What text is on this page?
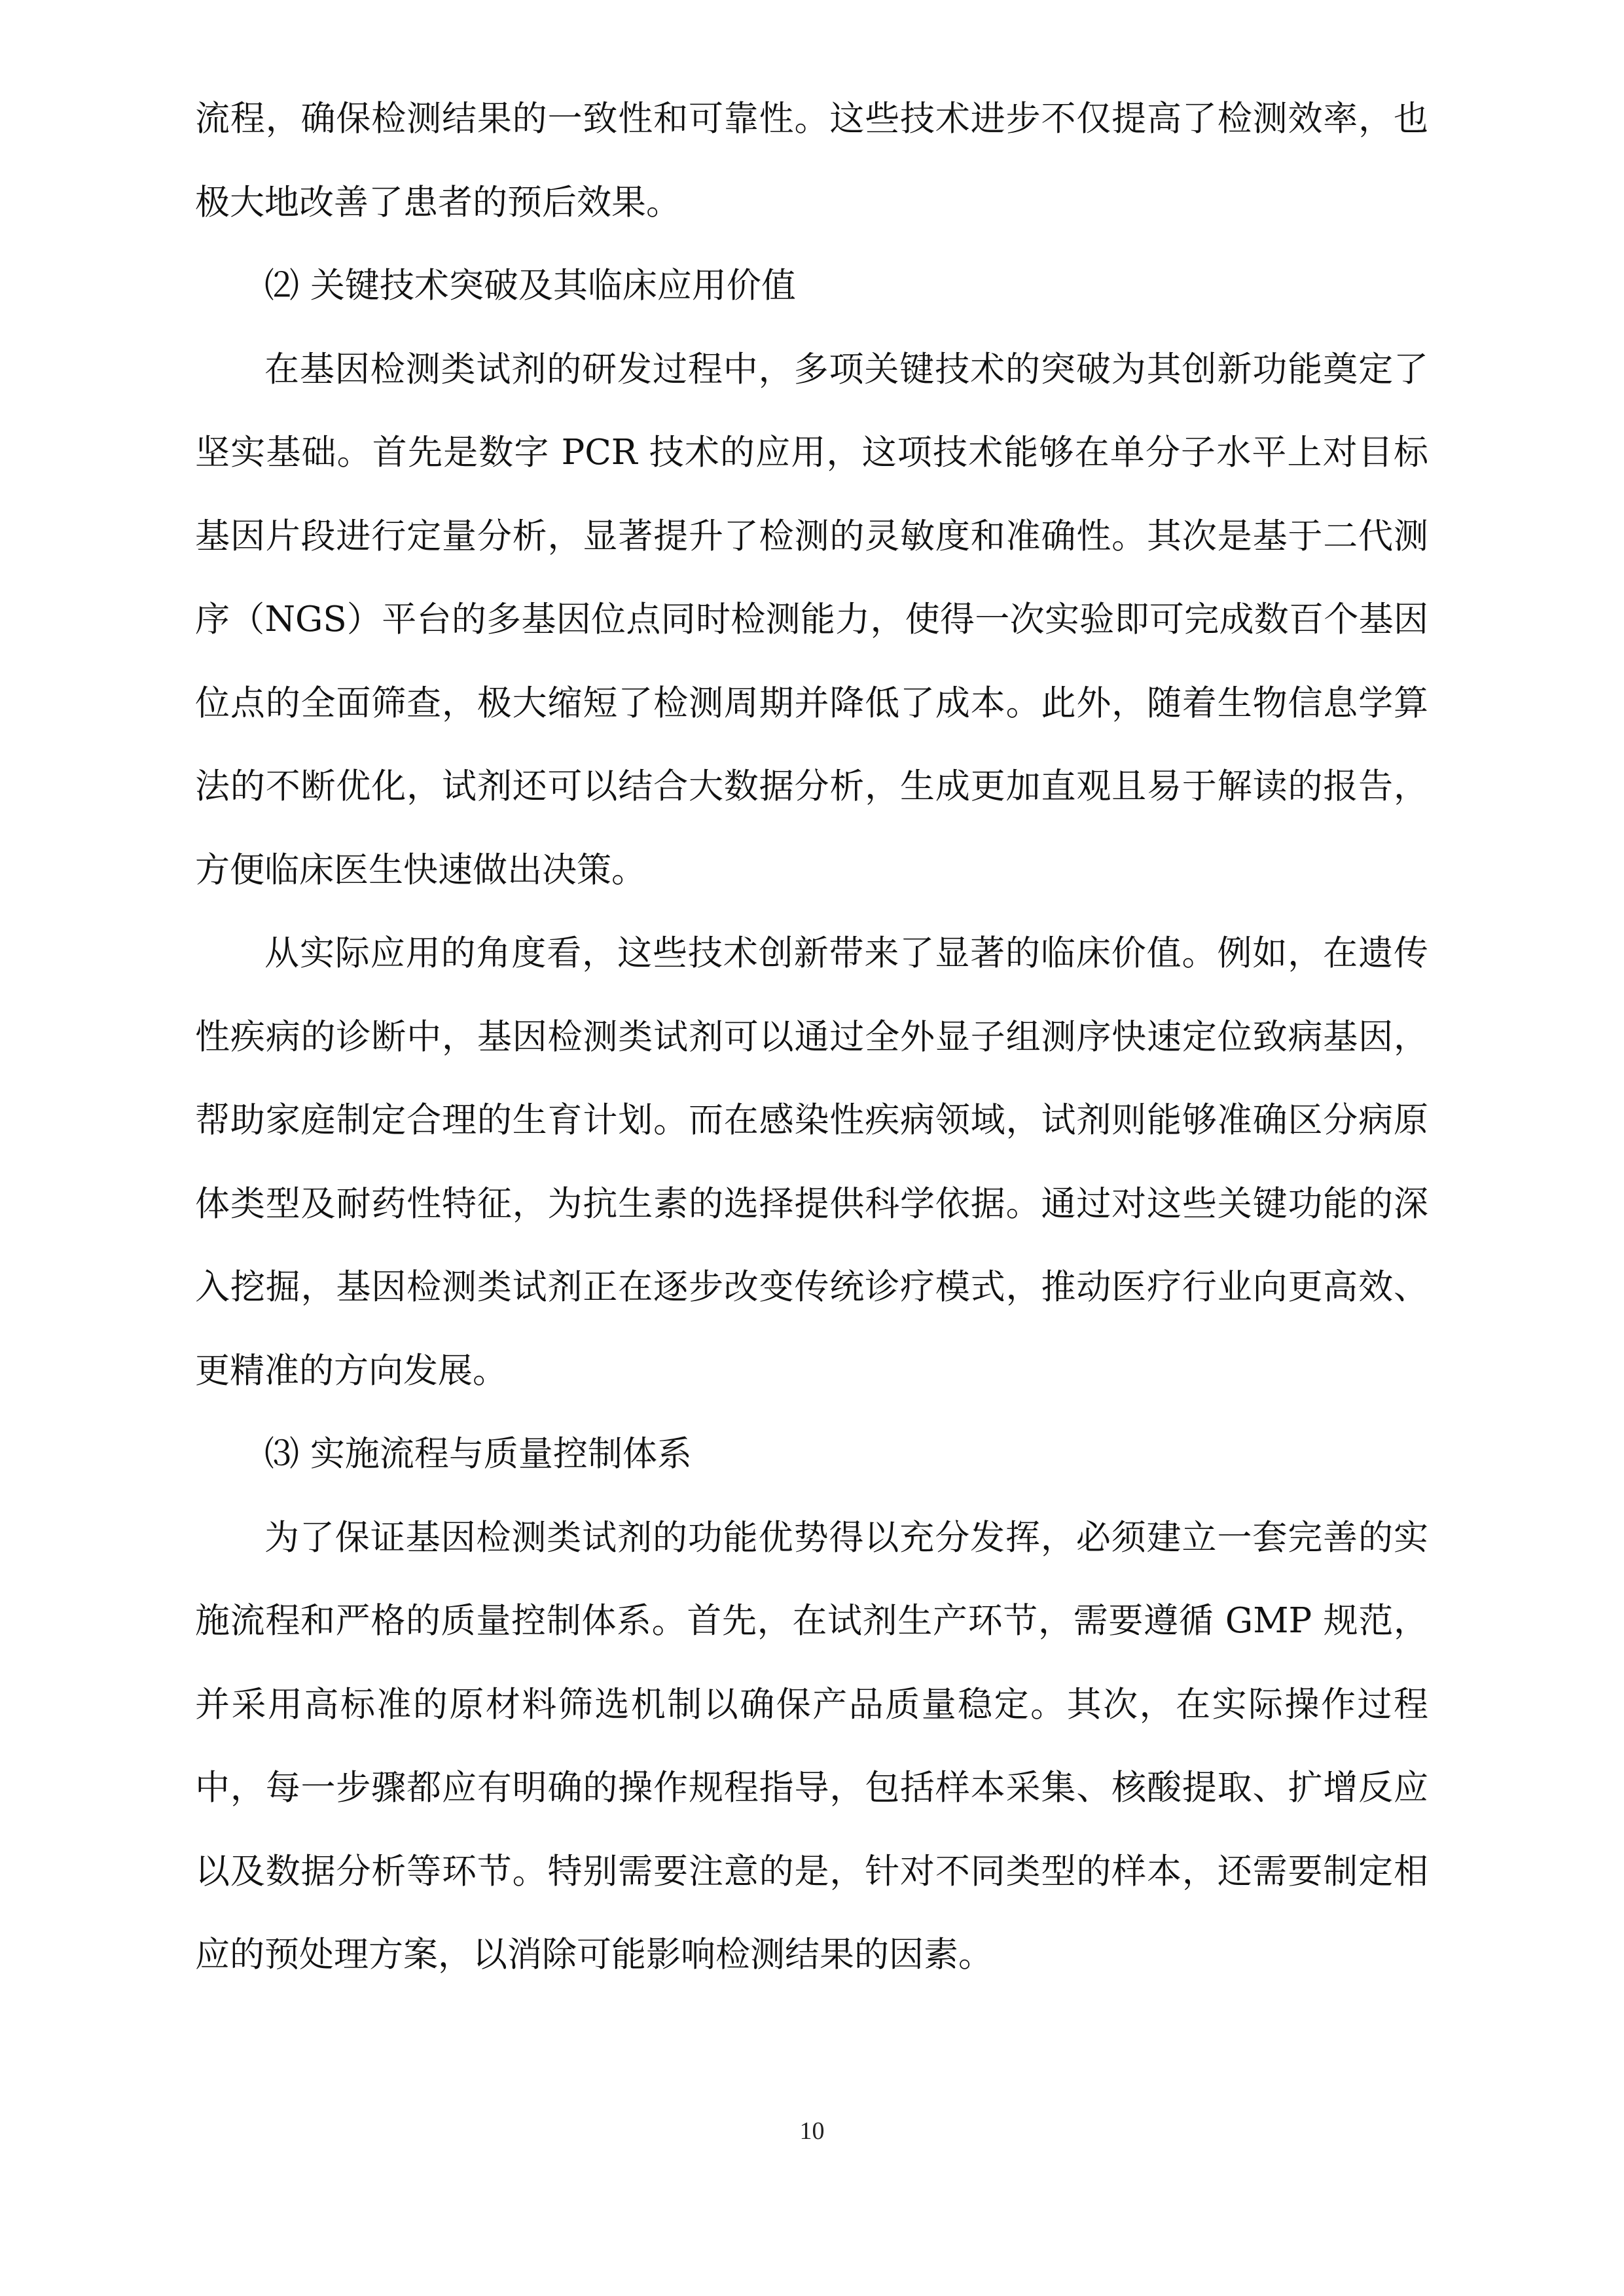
流程，确保检测结果的一致性和可靠性。这些技术进步不仅提高了检测效率，也极大地改善了患者的预后效果。

⑵ 关键技术突破及其临床应用价值

在基因检测类试剂的研发过程中，多项关键技术的突破为其创新功能奠定了坚实基础。首先是数字 PCR 技术的应用，这项技术能够在单分子水平上对目标基因片段进行定量分析，显著提升了检测的灵敏度和准确性。其次是基于二代测序（NGS）平台的多基因位点同时检测能力，使得一次实验即可完成数百个基因位点的全面筛查，极大缩短了检测周期并降低了成本。此外，随着生物信息学算法的不断优化，试剂还可以结合大数据分析，生成更加直观且易于解读的报告，方便临床医生快速做出决策。

从实际应用的角度看，这些技术创新带来了显著的临床价值。例如，在遗传性疾病的诊断中，基因检测类试剂可以通过全外显子组测序快速定位致病基因，帮助家庭制定合理的生育计划。而在感染性疾病领域，试剂则能够准确区分病原体类型及耐药性特征，为抗生素的选择提供科学依据。通过对这些关键功能的深入挖掘，基因检测类试剂正在逐步改变传统诊疗模式，推动医疗行业向更高效、更精准的方向发展。

⑶ 实施流程与质量控制体系

为了保证基因检测类试剂的功能优势得以充分发挥，必须建立一套完善的实施流程和严格的质量控制体系。首先，在试剂生产环节，需要遵循 GMP 规范，并采用高标准的原材料筛选机制以确保产品质量稳定。其次，在实际操作过程中，每一步骤都应有明确的操作规程指导，包括样本采集、核酸提取、扩增反应以及数据分析等环节。特别需要注意的是，针对不同类型的样本，还需要制定相应的预处理方案，以消除可能影响检测结果的因素。

10
